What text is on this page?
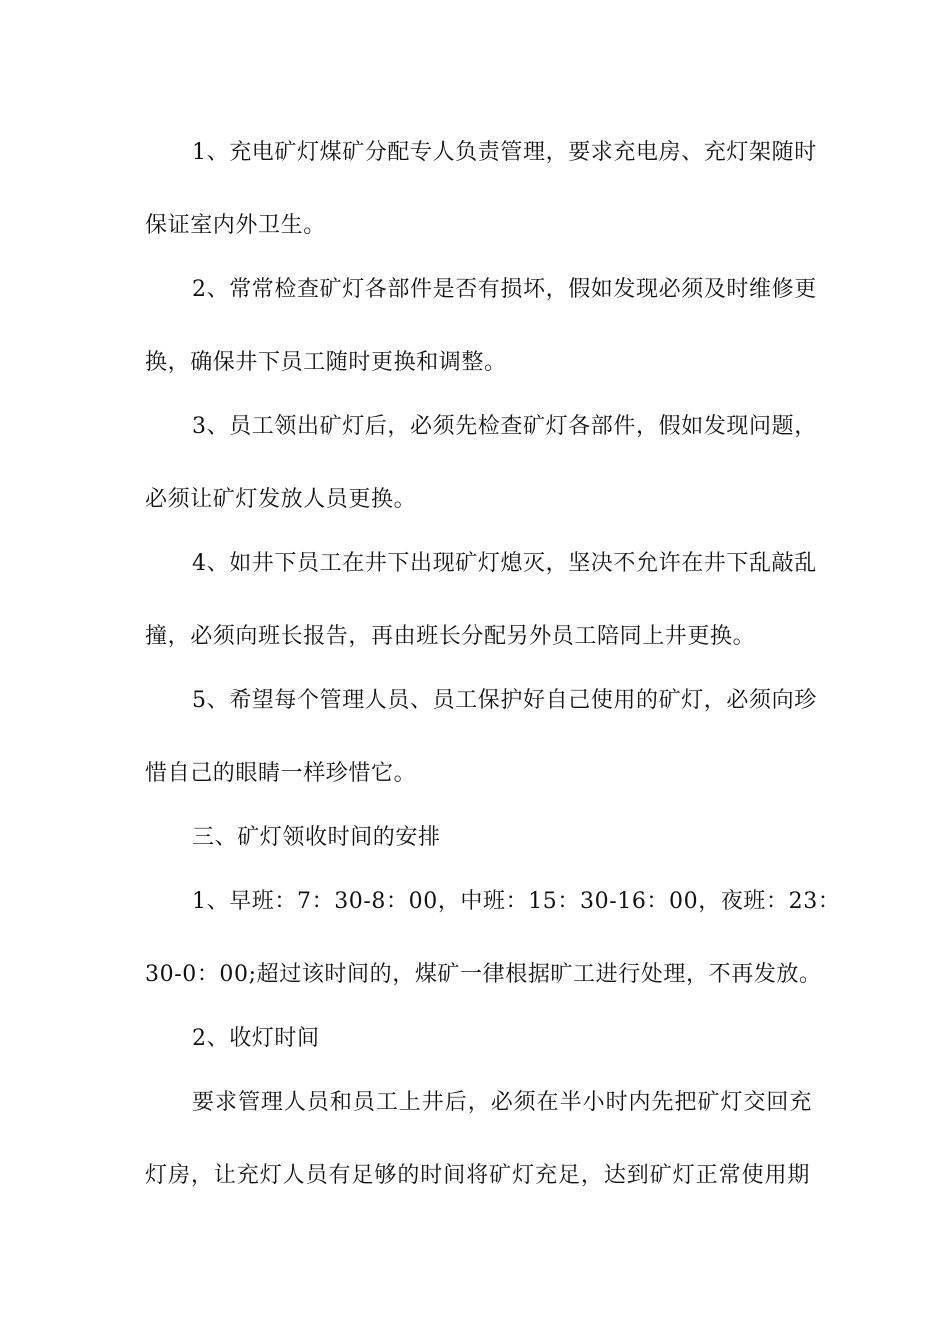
1、充电矿灯煤矿分配专人负责管理，要求充电房、充灯架随时
保证室内外卫生。
2、常常检查矿灯各部件是否有损坏，假如发现必须及时维修更
换，确保井下员工随时更换和调整。
3、员工领出矿灯后，必须先检查矿灯各部件，假如发现问题，
必须让矿灯发放人员更换。
4、如井下员工在井下出现矿灯熄灭，坚决不允许在井下乱敲乱
撞，必须向班长报告，再由班长分配另外员工陪同上井更换。
5、希望每个管理人员、员工保护好自己使用的矿灯，必须向珍
惜自己的眼睛一样珍惜它。
三、矿灯领收时间的安排
1、早班：7：30-8：00，中班：15：30-16：00，夜班：23：
30-0：00;超过该时间的，煤矿一律根据旷工进行处理，不再发放。
2、收灯时间
要求管理人员和员工上井后，必须在半小时内先把矿灯交回充
灯房，让充灯人员有足够的时间将矿灯充足，达到矿灯正常使用期
